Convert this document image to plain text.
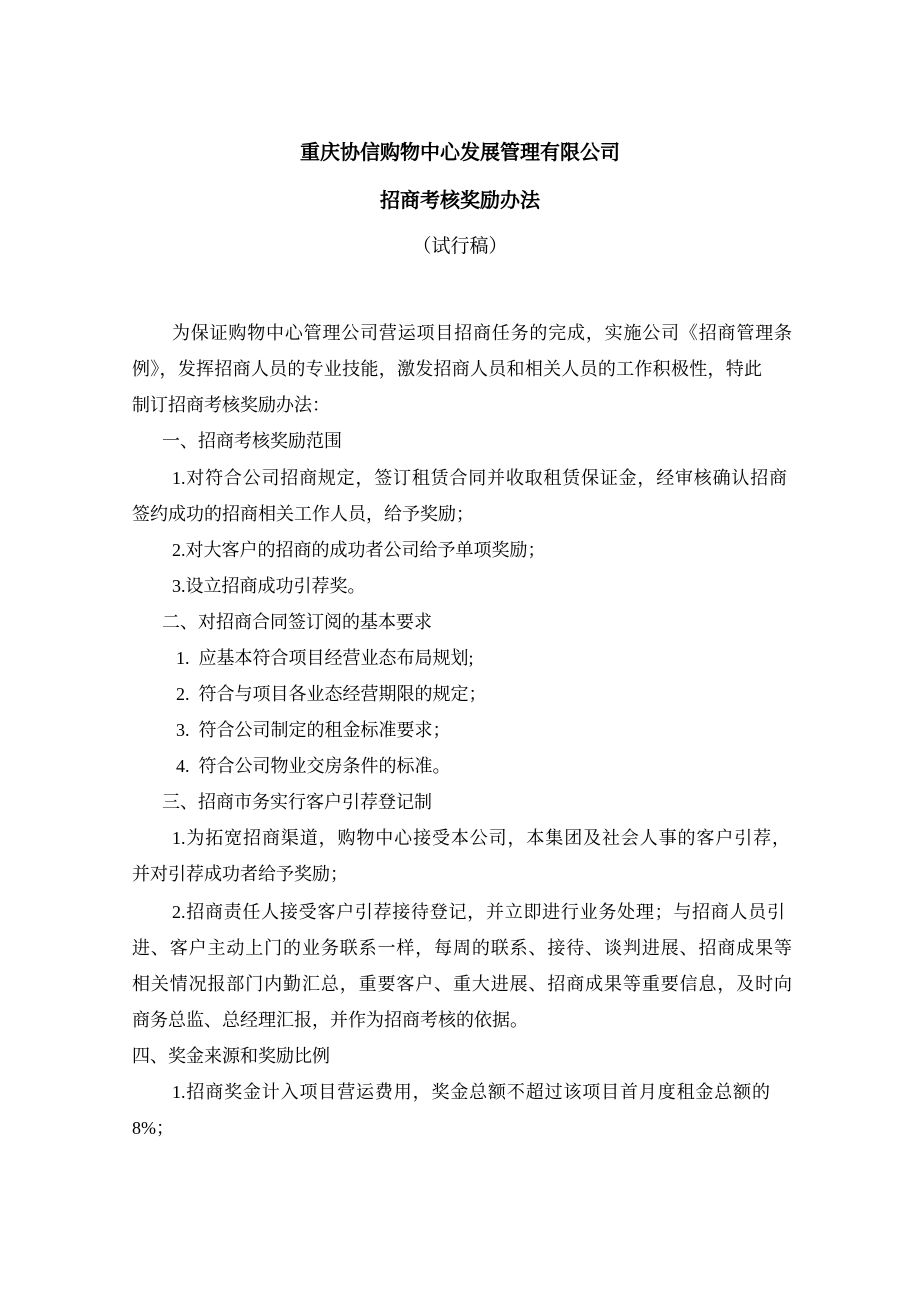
重庆协信购物中心发展管理有限公司
招商考核奖励办法
（试行稿）
为保证购物中心管理公司营运项目招商任务的完成，实施公司《招商管理条
例》，发挥招商人员的专业技能，激发招商人员和相关人员的工作积极性，特此
制订招商考核奖励办法：
一、招商考核奖励范围
1.对符合公司招商规定，签订租赁合同并收取租赁保证金，经审核确认招商
签约成功的招商相关工作人员，给予奖励；
2.对大客户的招商的成功者公司给予单项奖励；
3.设立招商成功引荐奖。
二、对招商合同签订阅的基本要求
1.  应基本符合项目经营业态布局规划;
2.  符合与项目各业态经营期限的规定；
3.  符合公司制定的租金标准要求；
4.  符合公司物业交房条件的标准。
三、招商市务实行客户引荐登记制
1.为拓宽招商渠道，购物中心接受本公司，本集团及社会人事的客户引荐，
并对引荐成功者给予奖励；
2.招商责任人接受客户引荐接待登记，并立即进行业务处理；与招商人员引
进、客户主动上门的业务联系一样，每周的联系、接待、谈判进展、招商成果等
相关情况报部门内勤汇总，重要客户、重大进展、招商成果等重要信息，及时向
商务总监、总经理汇报，并作为招商考核的依据。
四、奖金来源和奖励比例
1.招商奖金计入项目营运费用，奖金总额不超过该项目首月度租金总额的
8%；
